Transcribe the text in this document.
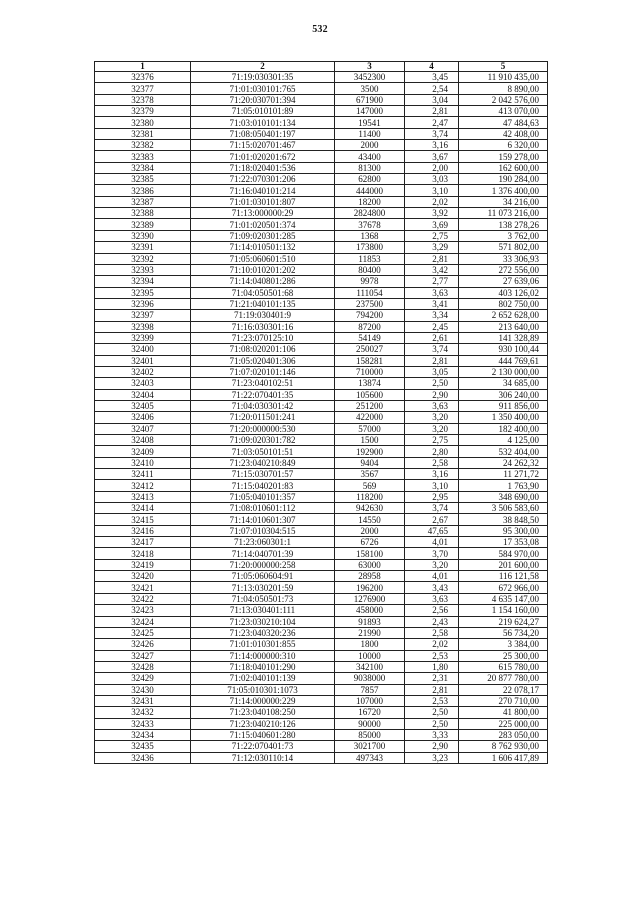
532
1	2	3	4	5
32376	71:19:030301:35	3452300	3,45	11 910 435,00
32377	71:01:030101:765	3500	2,54	8 890,00
32378	71:20:030701:394	671900	3,04	2 042 576,00
32379	71:05:010101:89	147000	2,81	413 070,00
32380	71:03:010101:134	19541	2,47	47 484,63
32381	71:08:050401:197	11400	3,74	42 408,00
32382	71:15:020701:467	2000	3,16	6 320,00
32383	71:01:020201:672	43400	3,67	159 278,00
32384	71:18:020401:536	81300	2,00	162 600,00
32385	71:22:070301:206	62800	3,03	190 284,00
32386	71:16:040101:214	444000	3,10	1 376 400,00
32387	71:01:030101:807	18200	2,02	34 216,00
32388	71:13:000000:29	2824800	3,92	11 073 216,00
32389	71:01:020501:374	37678	3,69	138 278,26
32390	71:09:020301:285	1368	2,75	3 762,00
32391	71:14:010501:132	173800	3,29	571 802,00
32392	71:05:060601:510	11853	2,81	33 306,93
32393	71:10:010201:202	80400	3,42	272 556,00
32394	71:14:040801:286	9978	2,77	27 639,06
32395	71:04:050501:68	111054	3,63	403 126,02
32396	71:21:040101:135	237500	3,41	802 750,00
32397	71:19:030401:9	794200	3,34	2 652 628,00
32398	71:16:030301:16	87200	2,45	213 640,00
32399	71:23:070125:10	54149	2,61	141 328,89
32400	71:08:020201:106	250027	3,74	930 100,44
32401	71:05:020401:306	158281	2,81	444 769,61
32402	71:07:020101:146	710000	3,05	2 130 000,00
32403	71:23:040102:51	13874	2,50	34 685,00
32404	71:22:070401:35	105600	2,90	306 240,00
32405	71:04:030301:42	251200	3,63	911 856,00
32406	71:20:011501:241	422000	3,20	1 350 400,00
32407	71:20:000000:530	57000	3,20	182 400,00
32408	71:09:020301:782	1500	2,75	4 125,00
32409	71:03:050101:51	192900	2,80	532 404,00
32410	71:23:040210:849	9404	2,58	24 262,32
32411	71:15:030701:57	3567	3,16	11 271,72
32412	71:15:040201:83	569	3,10	1 763,90
32413	71:05:040101:357	118200	2,95	348 690,00
32414	71:08:010601:112	942630	3,74	3 506 583,60
32415	71:14:010601:307	14550	2,67	38 848,50
32416	71:07:010304:515	2000	47,65	95 300,00
32417	71:23:060301:1	6726	4,01	17 353,08
32418	71:14:040701:39	158100	3,70	584 970,00
32419	71:20:000000:258	63000	3,20	201 600,00
32420	71:05:060604:91	28958	4,01	116 121,58
32421	71:13:030201:59	196200	3,43	672 966,00
32422	71:04:050501:73	1276900	3,63	4 635 147,00
32423	71:13:030401:111	458000	2,56	1 154 160,00
32424	71:23:030210:104	91893	2,43	219 624,27
32425	71:23:040320:236	21990	2,58	56 734,20
32426	71:01:010301:855	1800	2,02	3 384,00
32427	71:14:000000:310	10000	2,53	25 300,00
32428	71:18:040101:290	342100	1,80	615 780,00
32429	71:02:040101:139	9038000	2,31	20 877 780,00
32430	71:05:010301:1073	7857	2,81	22 078,17
32431	71:14:000000:229	107000	2,53	270 710,00
32432	71:23:040108:250	16720	2,50	41 800,00
32433	71:23:040210:126	90000	2,50	225 000,00
32434	71:15:040601:280	85000	3,33	283 050,00
32435	71:22:070401:73	3021700	2,90	8 762 930,00
32436	71:12:030110:14	497343	3,23	1 606 417,89
